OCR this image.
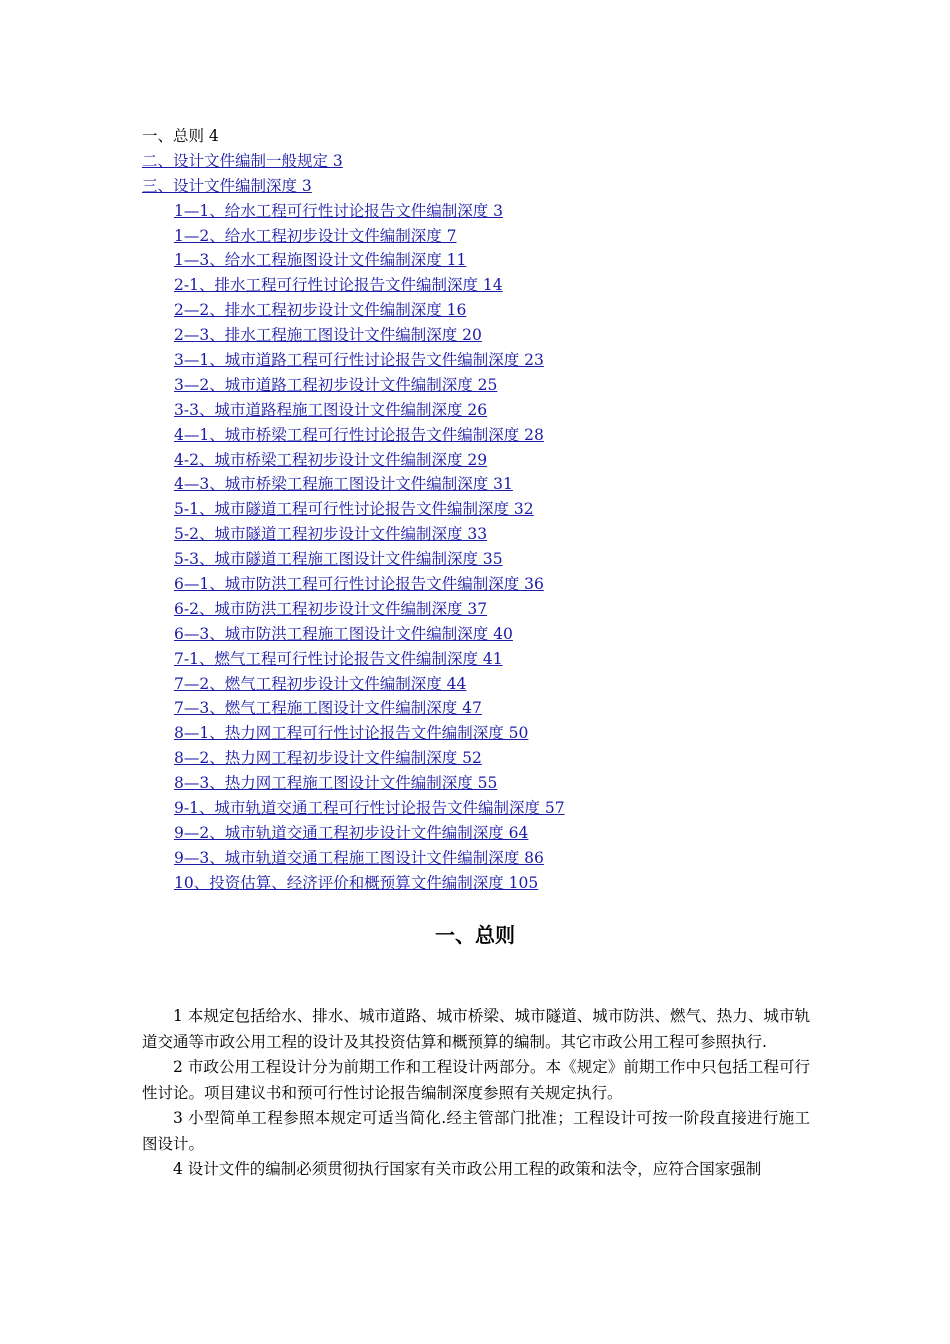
一、总则 4
二、设计文件编制一般规定 3
三、设计文件编制深度 3
1—1、给水工程可行性讨论报告文件编制深度 3
1—2、给水工程初步设计文件编制深度 7
1—3、给水工程施图设计文件编制深度 11
2-1、排水工程可行性讨论报告文件编制深度 14
2—2、排水工程初步设计文件编制深度 16
2—3、排水工程施工图设计文件编制深度 20
3—1、城市道路工程可行性讨论报告文件编制深度 23
3—2、城市道路工程初步设计文件编制深度 25
3-3、城市道路程施工图设计文件编制深度 26
4—1、城市桥梁工程可行性讨论报告文件编制深度 28
4-2、城市桥梁工程初步设计文件编制深度 29
4—3、城市桥梁工程施工图设计文件编制深度 31
5-1、城市隧道工程可行性讨论报告文件编制深度 32
5-2、城市隧道工程初步设计文件编制深度 33
5-3、城市隧道工程施工图设计文件编制深度 35
6—1、城市防洪工程可行性讨论报告文件编制深度 36
6-2、城市防洪工程初步设计文件编制深度 37
6—3、城市防洪工程施工图设计文件编制深度 40
7-1、燃气工程可行性讨论报告文件编制深度 41
7—2、燃气工程初步设计文件编制深度 44
7—3、燃气工程施工图设计文件编制深度 47
8—1、热力网工程可行性讨论报告文件编制深度 50
8—2、热力网工程初步设计文件编制深度 52
8—3、热力网工程施工图设计文件编制深度 55
9-1、城市轨道交通工程可行性讨论报告文件编制深度 57
9—2、城市轨道交通工程初步设计文件编制深度 64
9—3、城市轨道交通工程施工图设计文件编制深度 86
10、投资估算、经济评价和概预算文件编制深度 105
一、总则

1 本规定包括给水、排水、城市道路、城市桥梁、城市隧道、城市防洪、燃气、热力、城市轨道交通等市政公用工程的设计及其投资估算和概预算的编制。其它市政公用工程可参照执行.

2 市政公用工程设计分为前期工作和工程设计两部分。本《规定》前期工作中只包括工程可行性讨论。项目建议书和预可行性讨论报告编制深度参照有关规定执行。

3 小型简单工程参照本规定可适当简化.经主管部门批准；工程设计可按一阶段直接进行施工图设计。

4 设计文件的编制必须贯彻执行国家有关市政公用工程的政策和法令，应符合国家强制
